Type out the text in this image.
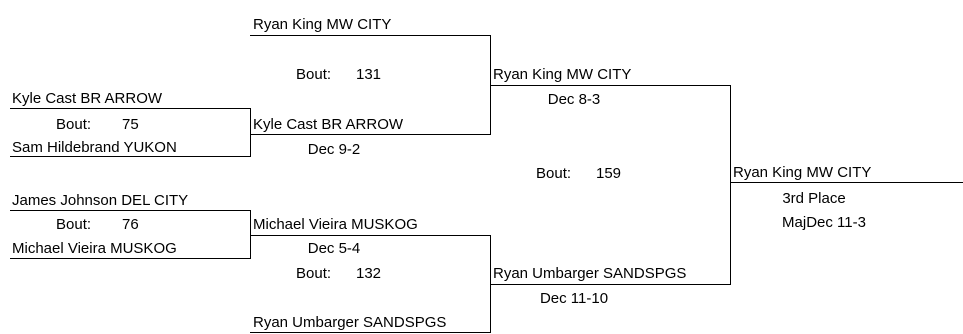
Kyle Cast BR ARROW
Bout: 75
Sam Hildebrand YUKON
James Johnson DEL CITY
Bout: 76
Michael Vieira MUSKOG
Ryan King MW CITY
Bout: 131
Kyle Cast BR ARROW
Dec 9-2
Michael Vieira MUSKOG
Dec 5-4
Bout: 132
Ryan Umbarger SANDSPGS
Ryan King MW CITY
Dec 8-3
Bout: 159
Ryan Umbarger SANDSPGS
Dec 11-10
Ryan King MW CITY
3rd Place
MajDec 11-3
